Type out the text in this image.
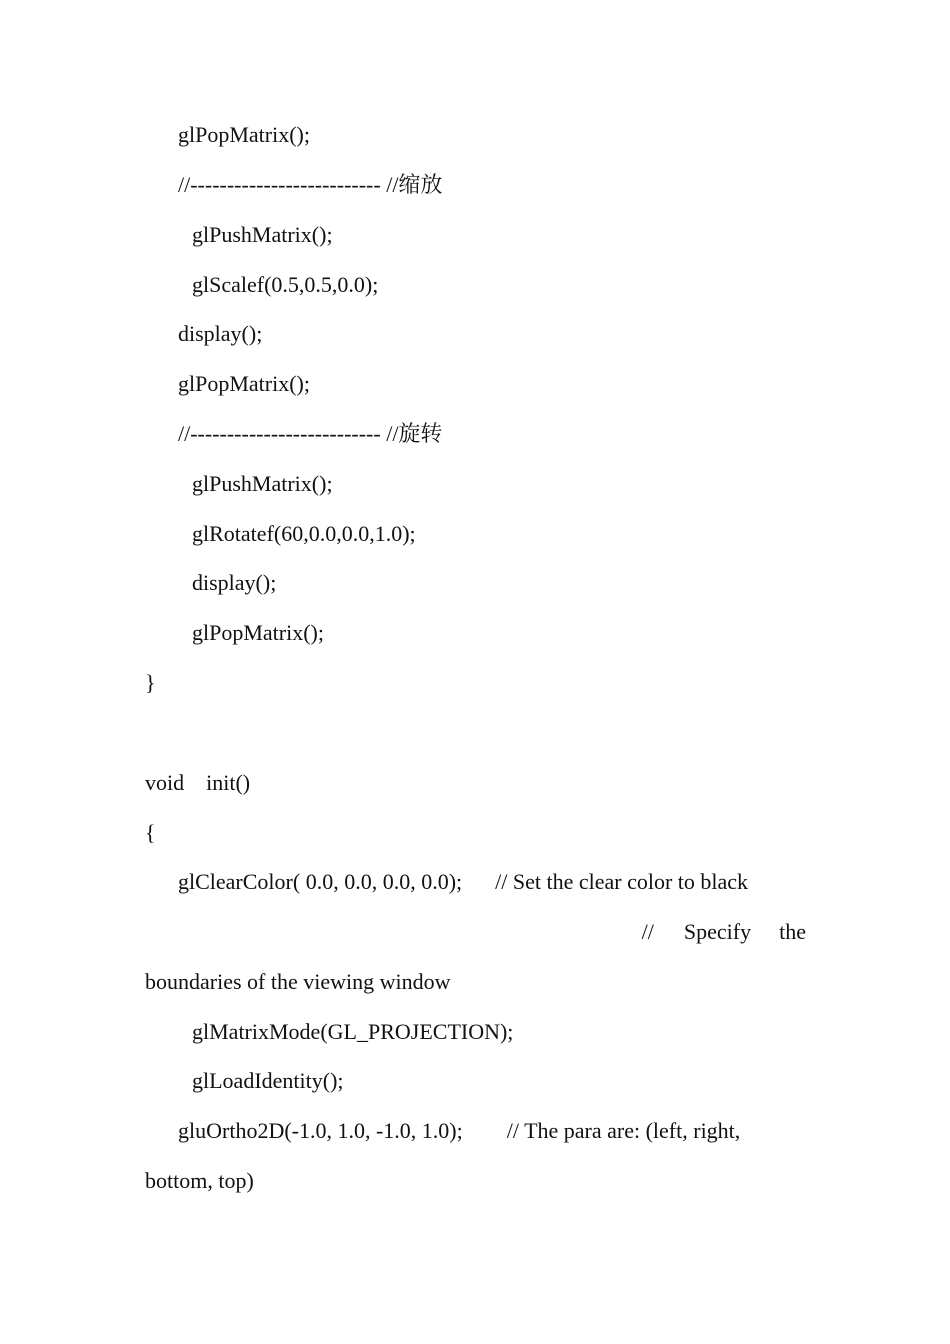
glPopMatrix();
//-------------------------- //缩放
glPushMatrix();
glScalef(0.5,0.5,0.0);
display();
glPopMatrix();
//-------------------------- //旋转
glPushMatrix();
glRotatef(60,0.0,0.0,1.0);
display();
glPopMatrix();
}
void    init()
{
glClearColor( 0.0, 0.0, 0.0, 0.0);      // Set the clear color to black
// Specify the
boundaries of the viewing window
glMatrixMode(GL_PROJECTION);
glLoadIdentity();
gluOrtho2D(-1.0, 1.0, -1.0, 1.0);        // The para are: (left, right,
bottom, top)
